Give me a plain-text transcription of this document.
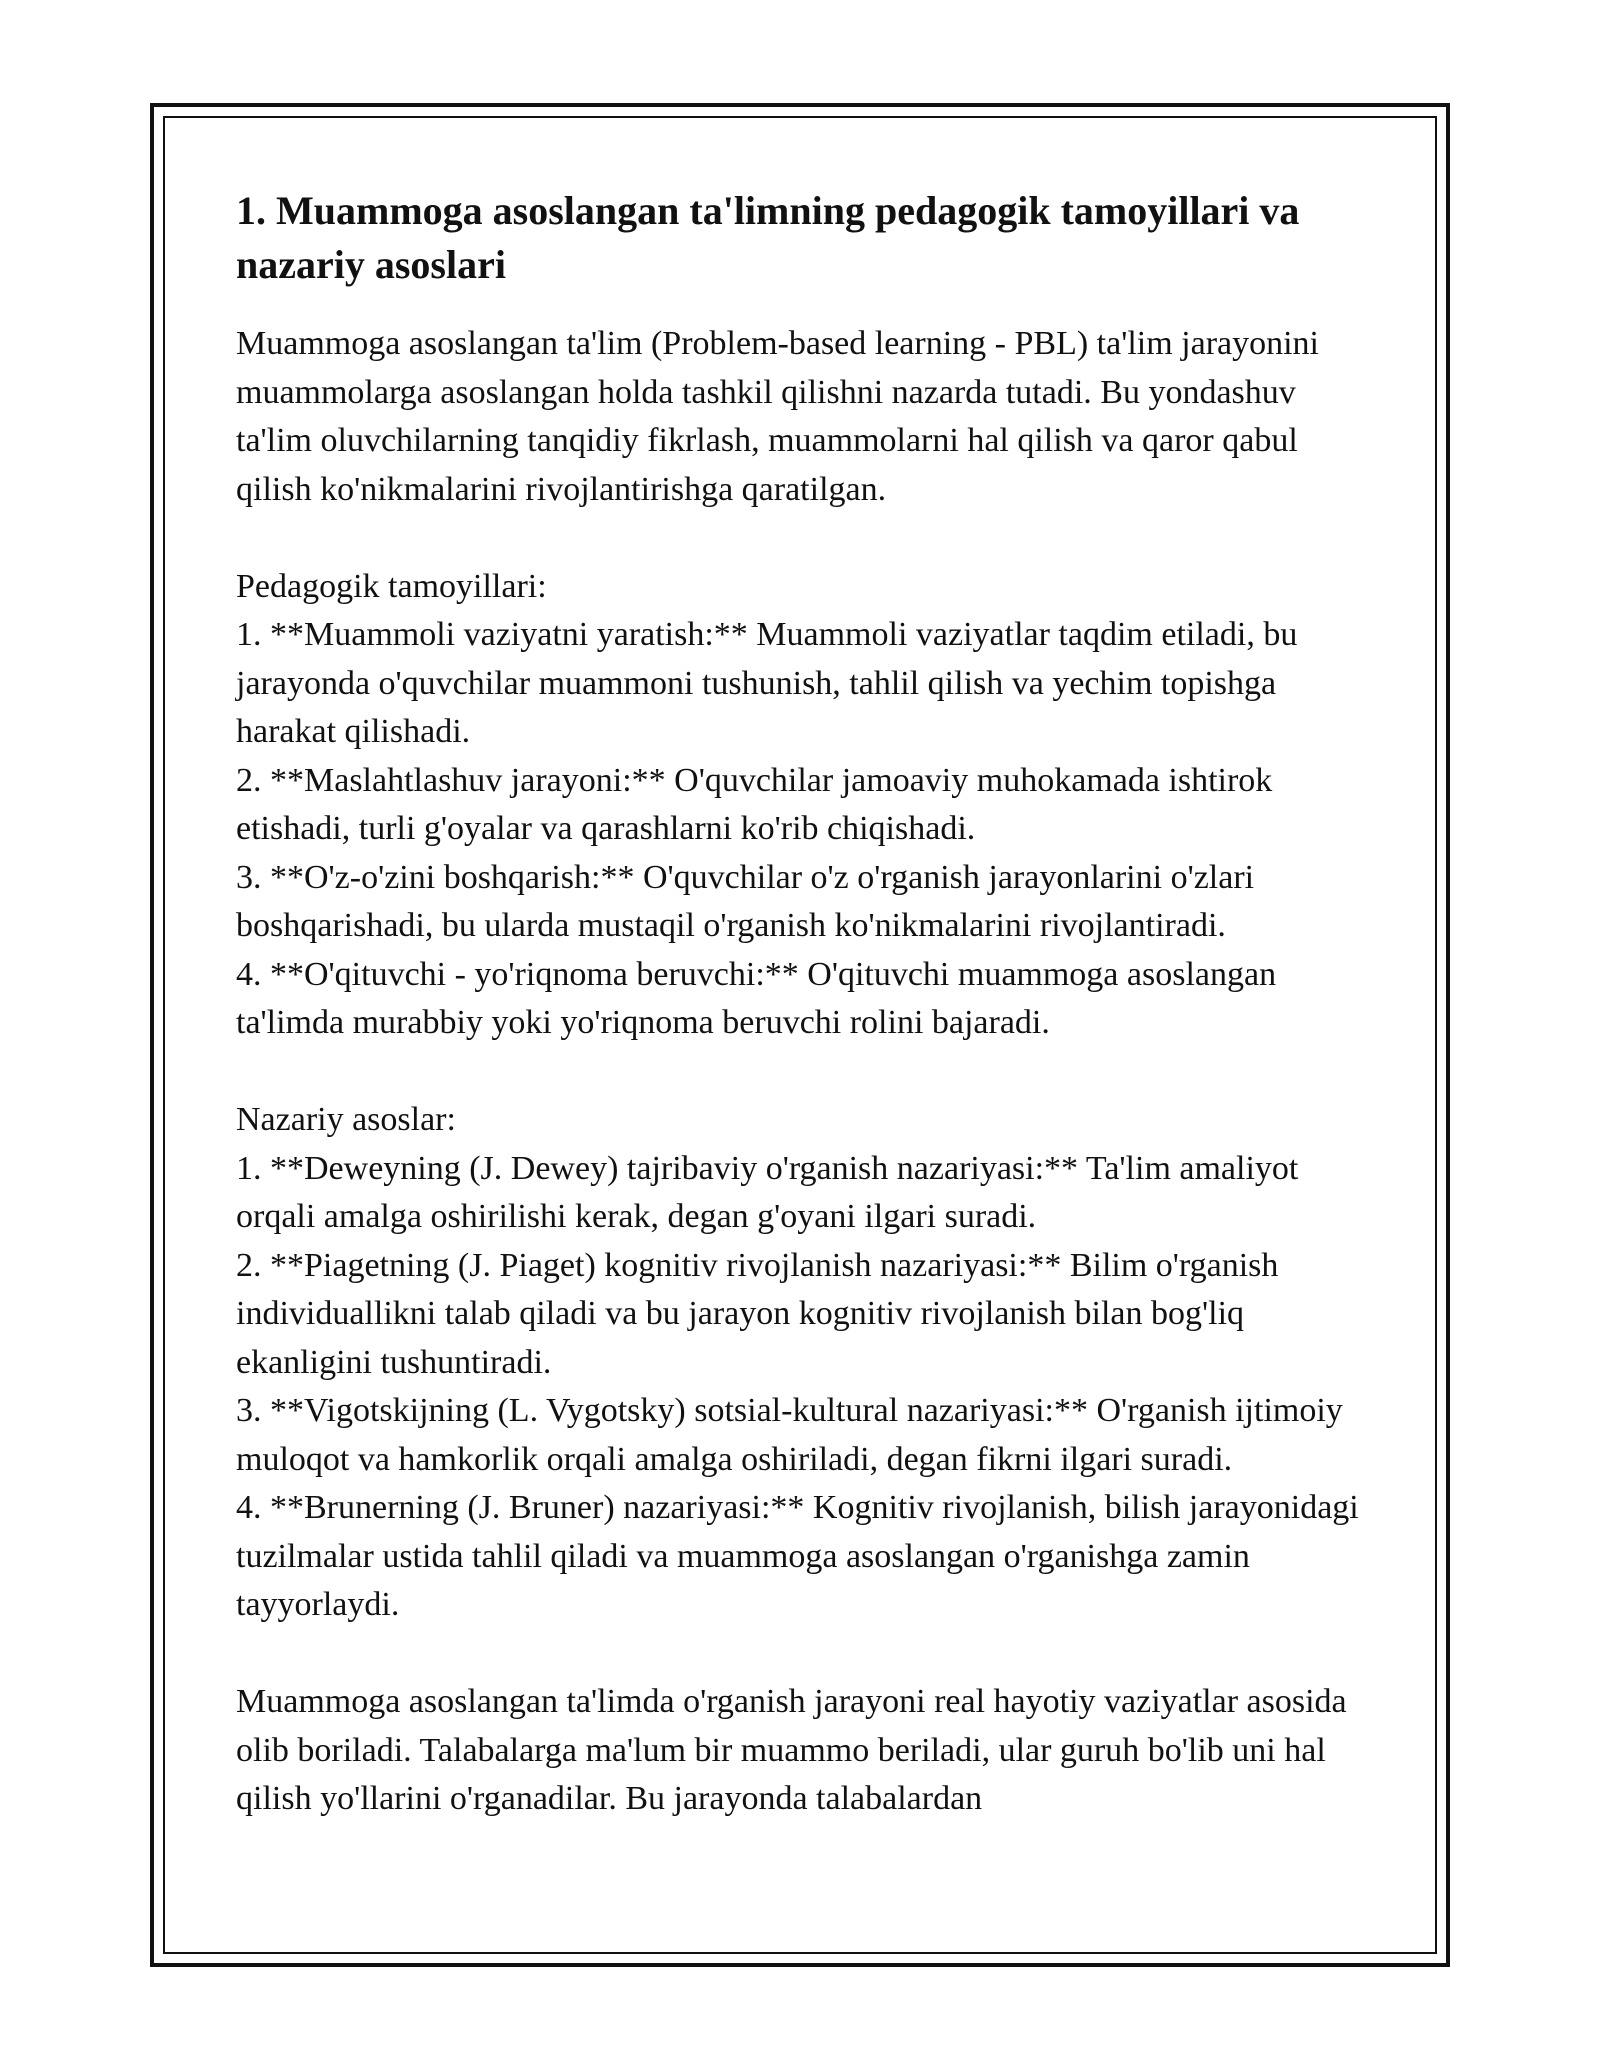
1. Muammoga asoslangan ta'limning pedagogik tamoyillari va nazariy asoslari

Muammoga asoslangan ta'lim (Problem-based learning - PBL) ta'lim jarayonini muammolarga asoslangan holda tashkil qilishni nazarda tutadi. Bu yondashuv ta'lim oluvchilarning tanqidiy fikrlash, muammolarni hal qilish va qaror qabul qilish ko'nikmalarini rivojlantirishga qaratilgan.

Pedagogik tamoyillari:

1. **Muammoli vaziyatni yaratish:** Muammoli vaziyatlar taqdim etiladi, bu jarayonda o'quvchilar muammoni tushunish, tahlil qilish va yechim topishga harakat qilishadi.

2. **Maslahtlashuv jarayoni:** O'quvchilar jamoaviy muhokamada ishtirok etishadi, turli g'oyalar va qarashlarni ko'rib chiqishadi.

3. **O'z-o'zini boshqarish:** O'quvchilar o'z o'rganish jarayonlarini o'zlari boshqarishadi, bu ularda mustaqil o'rganish ko'nikmalarini rivojlantiradi.

4. **O'qituvchi - yo'riqnoma beruvchi:** O'qituvchi muammoga asoslangan ta'limda murabbiy yoki yo'riqnoma beruvchi rolini bajaradi.

Nazariy asoslar:

1. **Deweyning (J. Dewey) tajribaviy o'rganish nazariyasi:** Ta'lim amaliyot orqali amalga oshirilishi kerak, degan g'oyani ilgari suradi.

2. **Piagetning (J. Piaget) kognitiv rivojlanish nazariyasi:** Bilim o'rganish individuallikni talab qiladi va bu jarayon kognitiv rivojlanish bilan bog'liq ekanligini tushuntiradi.

3. **Vigotskijning (L. Vygotsky) sotsial-kultural nazariyasi:** O'rganish ijtimoiy muloqot va hamkorlik orqali amalga oshiriladi, degan fikrni ilgari suradi.

4. **Brunerning (J. Bruner) nazariyasi:** Kognitiv rivojlanish, bilish jarayonidagi tuzilmalar ustida tahlil qiladi va muammoga asoslangan o'rganishga zamin tayyorlaydi.

Muammoga asoslangan ta'limda o'rganish jarayoni real hayotiy vaziyatlar asosida olib boriladi. Talabalarga ma'lum bir muammo beriladi, ular guruh bo'lib uni hal qilish yo'llarini o'rganadilar. Bu jarayonda talabalardan
